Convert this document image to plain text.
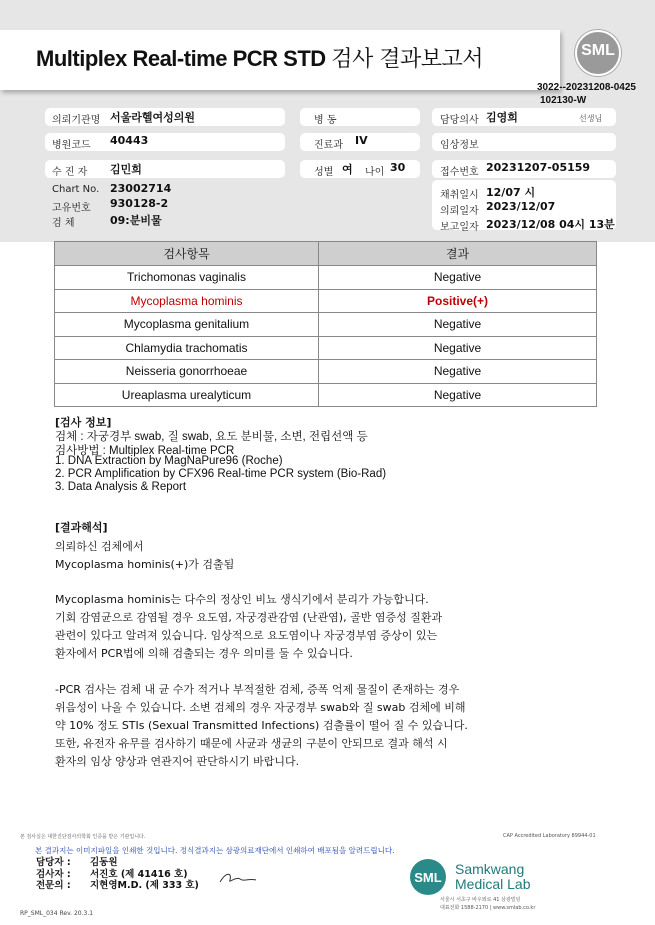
Multiplex Real-time PCR STD 검사 결과보고서	SML
3022--20231208-0425
102130-W
의뢰기관명 서울라헬여성의원	병 동	담당의사 김영희	선생님
병원코드 40443	진료과 IV	임상정보
수 진 자 김민희	성별 여 나이 30	접수번호 20231207-05159
Chart No. 23002714
고유번호 930128-2
검 체	09:분비물
채취일시 12/07 시
의뢰일자 2023/12/07
보고일자 2023/12/08 04시 13분
검사항목	결과
Trichomonas vaginalis	Negative
Mycoplasma hominis	Positive(+)
Mycoplasma genitalium	Negative
Chlamydia trachomatis	Negative
Neisseria gonorrhoeae	Negative
Ureaplasma urealyticum	Negative
[검사 정보]
검체 : 자궁경부 swab, 질 swab, 요도 분비물, 소변, 전립선액 등
검사방법 : Multiplex Real-time PCR
1. DNA Extraction by MagNaPure96 (Roche)
2. PCR Amplification by CFX96 Real-time PCR system (Bio-Rad)
3. Data Analysis & Report
[결과해석]
의뢰하신 검체에서
Mycoplasma hominis(+)가 검출됨
Mycoplasma hominis는 다수의 정상인 비뇨 생식기에서 분리가 가능합니다.
기회 감염균으로 감염될 경우 요도염, 자궁경관감염 (난관염), 골반 염증성 질환과
관련이 있다고 알려져 있습니다. 임상적으로 요도염이나 자궁경부염 증상이 있는
환자에서 PCR법에 의해 검출되는 경우 의미를 둘 수 있습니다.
-PCR 검사는 검체 내 균 수가 적거나 부적절한 검체, 증폭 억제 물질이 존재하는 경우
위음성이 나올 수 있습니다. 소변 검체의 경우 자궁경부 swab와 질 swab 검체에 비해
약 10% 정도 STIs (Sexual Transmitted Infections) 검출률이 떨어 질 수 있습니다.
또한, 유전자 유무를 검사하기 때문에 사균과 생균의 구분이 안되므로 결과 해석 시
환자의 임상 양상과 연관지어 판단하시기 바랍니다.
본 검사실은 대한진단검사의학회 인증을 받은 기관입니다.	CAP Accredited Laboratory 89944-01
본 결과지는 이미지파일을 인쇄한 것입니다. 정식결과지는 삼광의료재단에서 인쇄하여 배포됨을 알려드립니다.
담당자 : 김동원
검사자 : 서진호 (제 41416 호)
전문의 : 지현영M.D. (제 333 호)
SML
Samkwang
Medical Lab
서울시 서초구 바우뫼로 41 삼광빌딩
대표전화 1588-2170 | www.smlab.co.kr
RP_SML_034 Rev. 20.3.1
